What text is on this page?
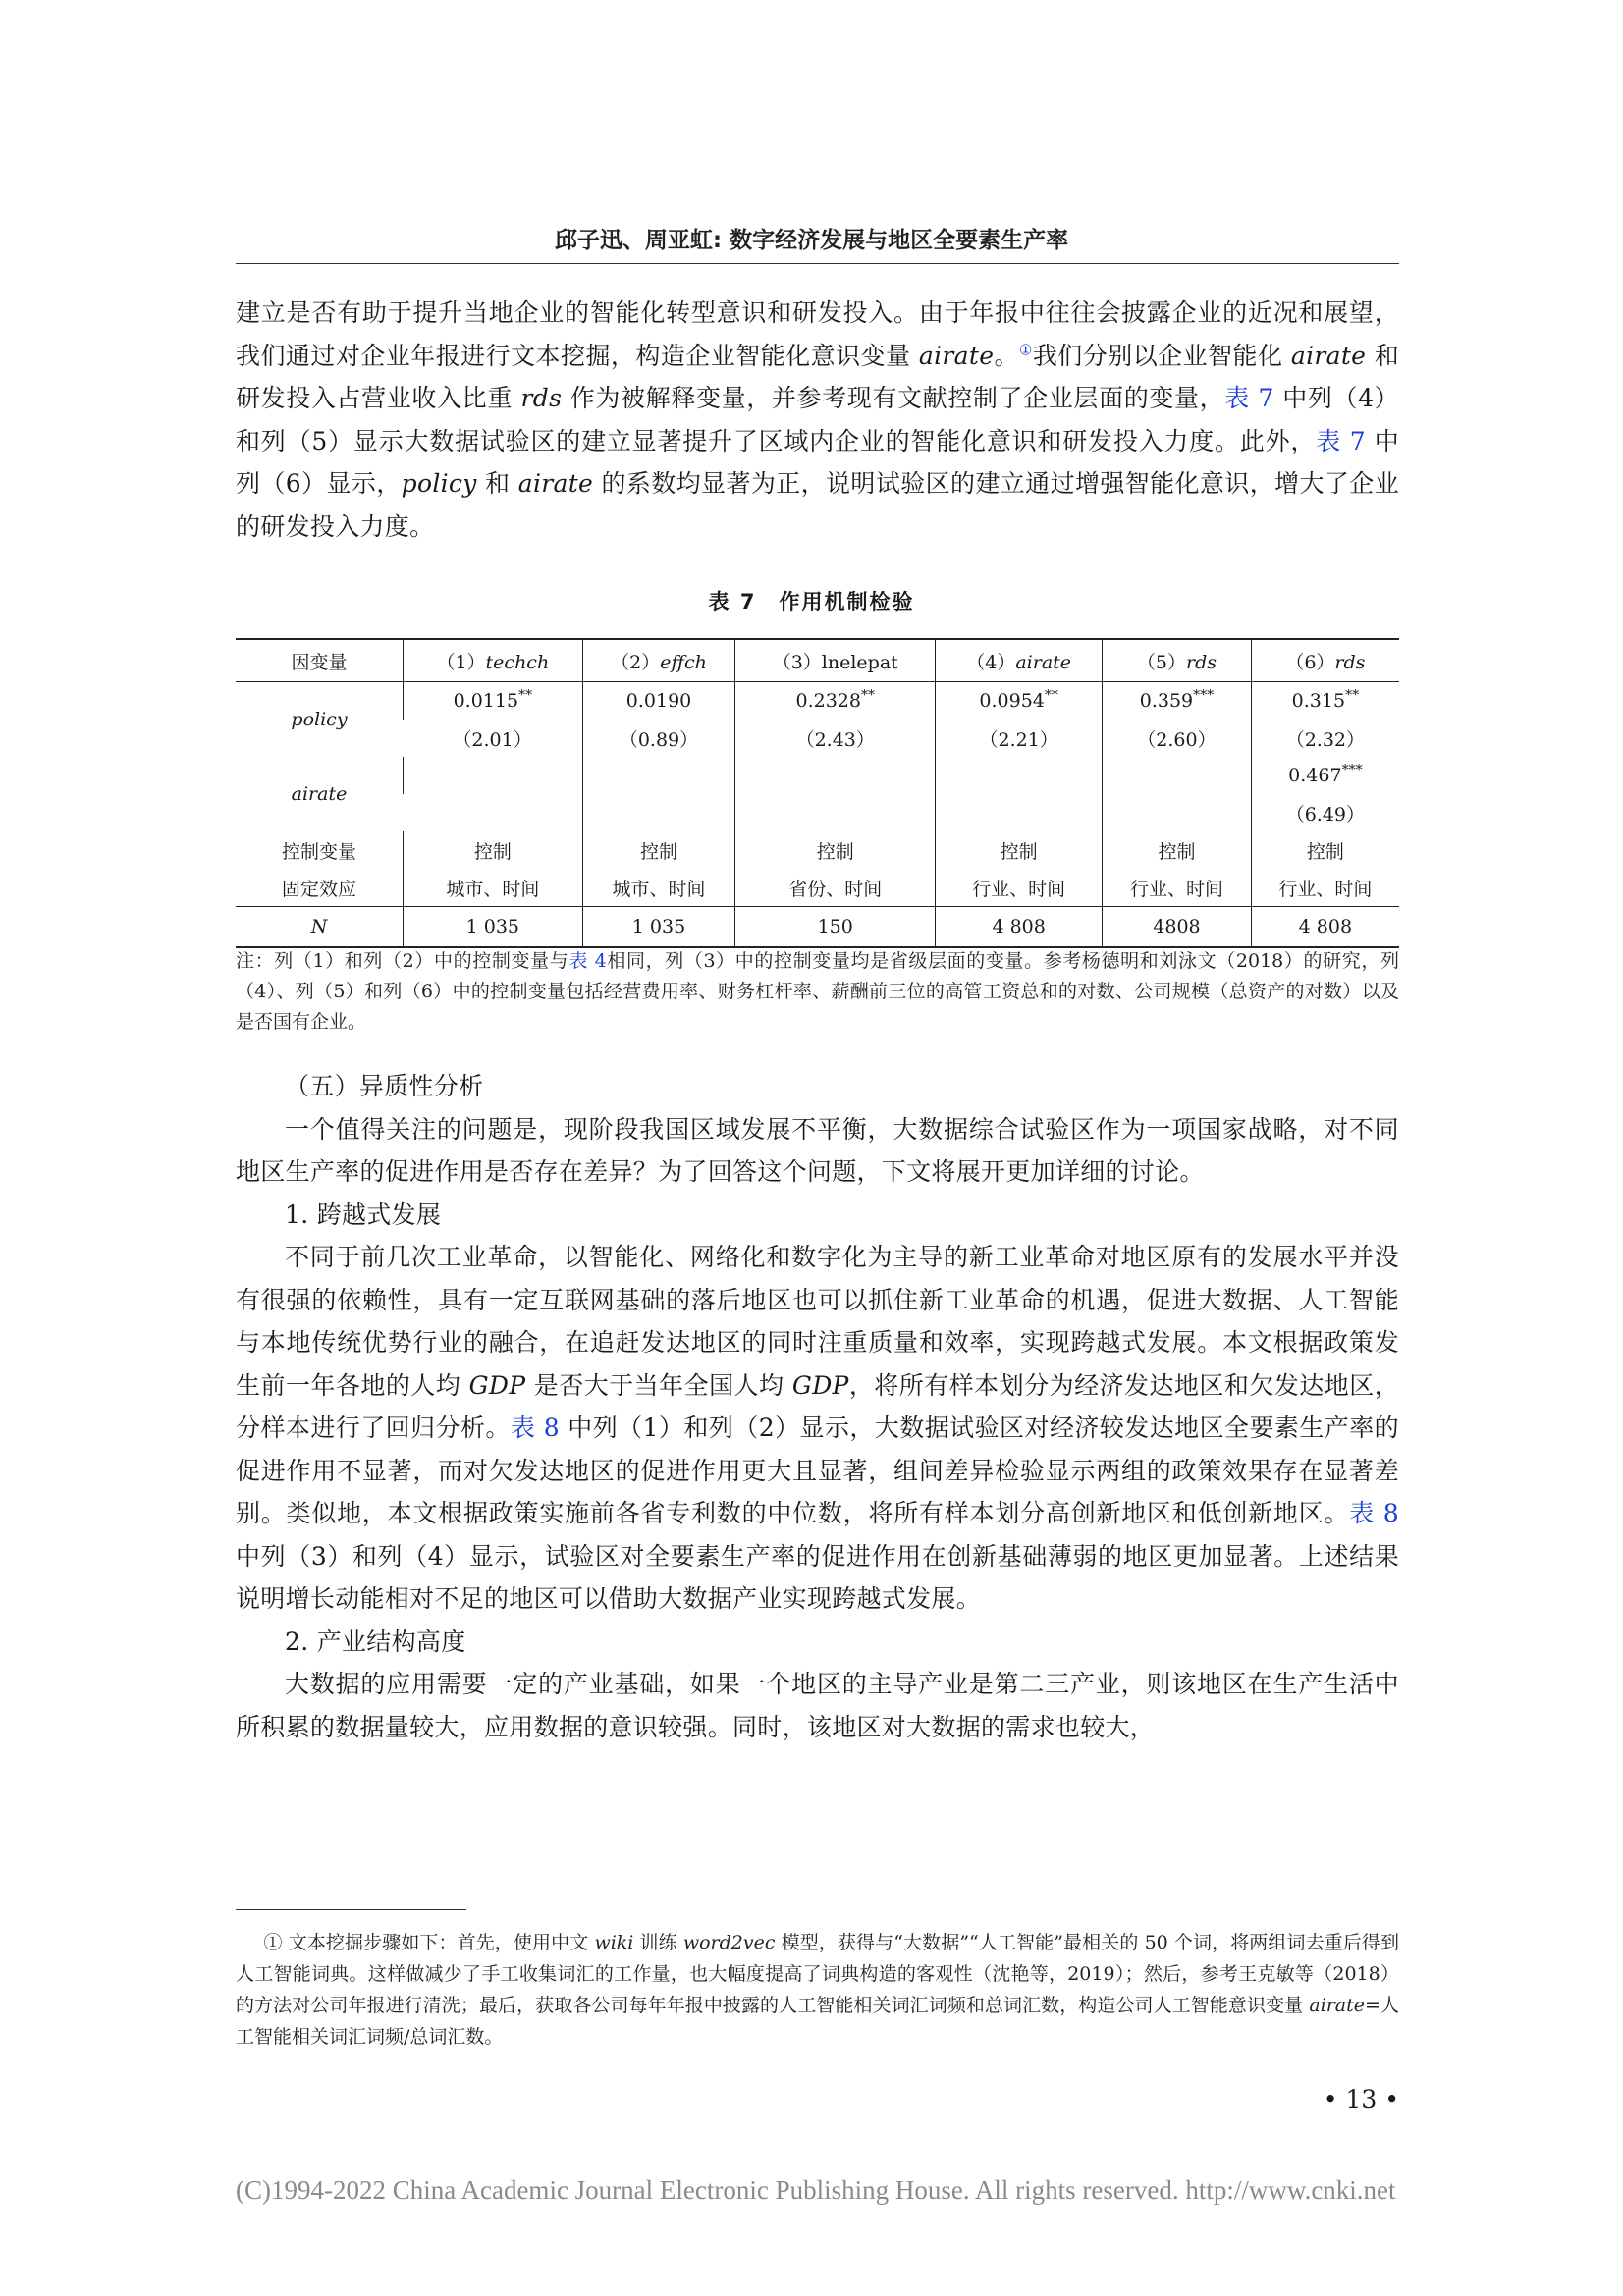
邱子迅、周亚虹: 数字经济发展与地区全要素生产率

建立是否有助于提升当地企业的智能化转型意识和研发投入。由于年报中往往会披露企业的近况和展望，我们通过对企业年报进行文本挖掘，构造企业智能化意识变量 airate。①我们分别以企业智能化 airate 和研发投入占营业收入比重 rds 作为被解释变量，并参考现有文献控制了企业层面的变量，表 7 中列（4）和列（5）显示大数据试验区的建立显著提升了区域内企业的智能化意识和研发投入力度。此外，表 7 中列（6）显示，policy 和 airate 的系数均显著为正，说明试验区的建立通过增强智能化意识，增大了企业的研发投入力度。

表 7　作用机制检验
因变量	（1）techch	（2）effch	（3）lnelepat	（4）airate	（5）rds	（6）rds
policy	0.0115**	0.0190	0.2328**	0.0954**	0.359***	0.315**
	（2.01）	（0.89）	（2.43）	（2.21）	（2.60）	（2.32）
airate						0.467***
						（6.49）
控制变量	控制	控制	控制	控制	控制	控制
固定效应	城市、时间	城市、时间	省份、时间	行业、时间	行业、时间	行业、时间
N	1 035	1 035	150	4 808	4808	4 808

注：列（1）和列（2）中的控制变量与表 4相同，列（3）中的控制变量均是省级层面的变量。参考杨德明和刘泳文（2018）的研究，列（4）、列（5）和列（6）中的控制变量包括经营费用率、财务杠杆率、薪酬前三位的高管工资总和的对数、公司规模（总资产的对数）以及是否国有企业。

（五）异质性分析

一个值得关注的问题是，现阶段我国区域发展不平衡，大数据综合试验区作为一项国家战略，对不同地区生产率的促进作用是否存在差异？为了回答这个问题，下文将展开更加详细的讨论。

1. 跨越式发展

不同于前几次工业革命，以智能化、网络化和数字化为主导的新工业革命对地区原有的发展水平并没有很强的依赖性，具有一定互联网基础的落后地区也可以抓住新工业革命的机遇，促进大数据、人工智能与本地传统优势行业的融合，在追赶发达地区的同时注重质量和效率，实现跨越式发展。本文根据政策发生前一年各地的人均 GDP 是否大于当年全国人均 GDP，将所有样本划分为经济发达地区和欠发达地区，分样本进行了回归分析。表 8 中列（1）和列（2）显示，大数据试验区对经济较发达地区全要素生产率的促进作用不显著，而对欠发达地区的促进作用更大且显著，组间差异检验显示两组的政策效果存在显著差别。类似地，本文根据政策实施前各省专利数的中位数，将所有样本划分高创新地区和低创新地区。表 8 中列（3）和列（4）显示，试验区对全要素生产率的促进作用在创新基础薄弱的地区更加显著。上述结果说明增长动能相对不足的地区可以借助大数据产业实现跨越式发展。

2. 产业结构高度

大数据的应用需要一定的产业基础，如果一个地区的主导产业是第二三产业，则该地区在生产生活中所积累的数据量较大，应用数据的意识较强。同时，该地区对大数据的需求也较大，

① 文本挖掘步骤如下：首先，使用中文 wiki 训练 word2vec 模型，获得与“大数据”“人工智能”最相关的 50 个词，将两组词去重后得到人工智能词典。这样做减少了手工收集词汇的工作量，也大幅度提高了词典构造的客观性（沈艳等，2019）；然后，参考王克敏等（2018）的方法对公司年报进行清洗；最后，获取各公司每年年报中披露的人工智能相关词汇词频和总词汇数，构造公司人工智能意识变量 airate=人工智能相关词汇词频/总词汇数。

• 13 •
(C)1994-2022 China Academic Journal Electronic Publishing House. All rights reserved. http://www.cnki.net
